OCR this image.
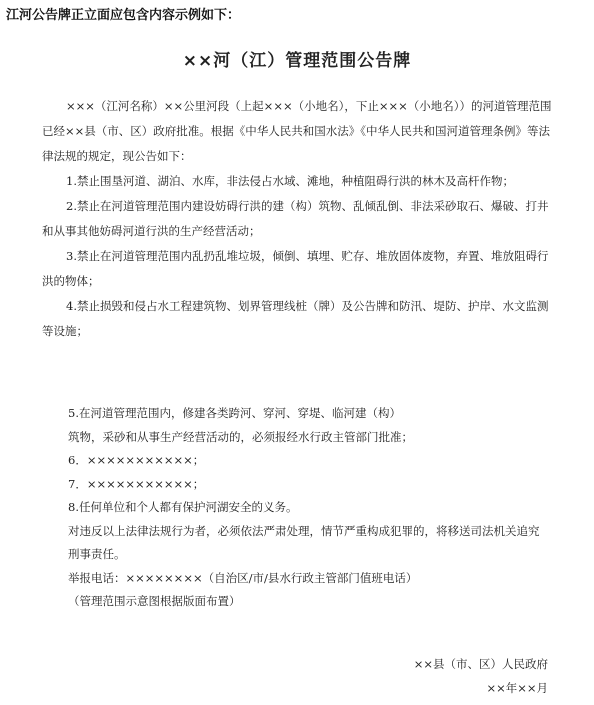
江河公告牌正立面应包含内容示例如下：
××河（江）管理范围公告牌

×××（江河名称）××公里河段（上起×××（小地名），下止×××（小地名））的河道管理范围已经××县（市、区）政府批准。根据《中华人民共和国水法》《中华人民共和国河道管理条例》等法律法规的规定，现公告如下：

1.禁止围垦河道、湖泊、水库，非法侵占水域、滩地，种植阻碍行洪的林木及高杆作物；

2.禁止在河道管理范围内建设妨碍行洪的建（构）筑物、乱倾乱倒、非法采砂取石、爆破、打井和从事其他妨碍河道行洪的生产经营活动；

3.禁止在河道管理范围内乱扔乱堆垃圾，倾倒、填埋、贮存、堆放固体废物，弃置、堆放阻碍行洪的物体；

4.禁止损毁和侵占水工程建筑物、划界管理线桩（牌）及公告牌和防汛、堤防、护岸、水文监测等设施；

5.在河道管理范围内，修建各类跨河、穿河、穿堤、临河建（构）

筑物，采砂和从事生产经营活动的，必须报经水行政主管部门批准；

6．×××××××××××；

7．×××××××××××；

8.任何单位和个人都有保护河湖安全的义务。

对违反以上法律法规行为者，必须依法严肃处理，情节严重构成犯罪的，将移送司法机关追究刑事责任。

举报电话：××××××××（自治区/市/县水行政主管部门值班电话）

（管理范围示意图根据版面布置）

××县（市、区）人民政府
××年××月
